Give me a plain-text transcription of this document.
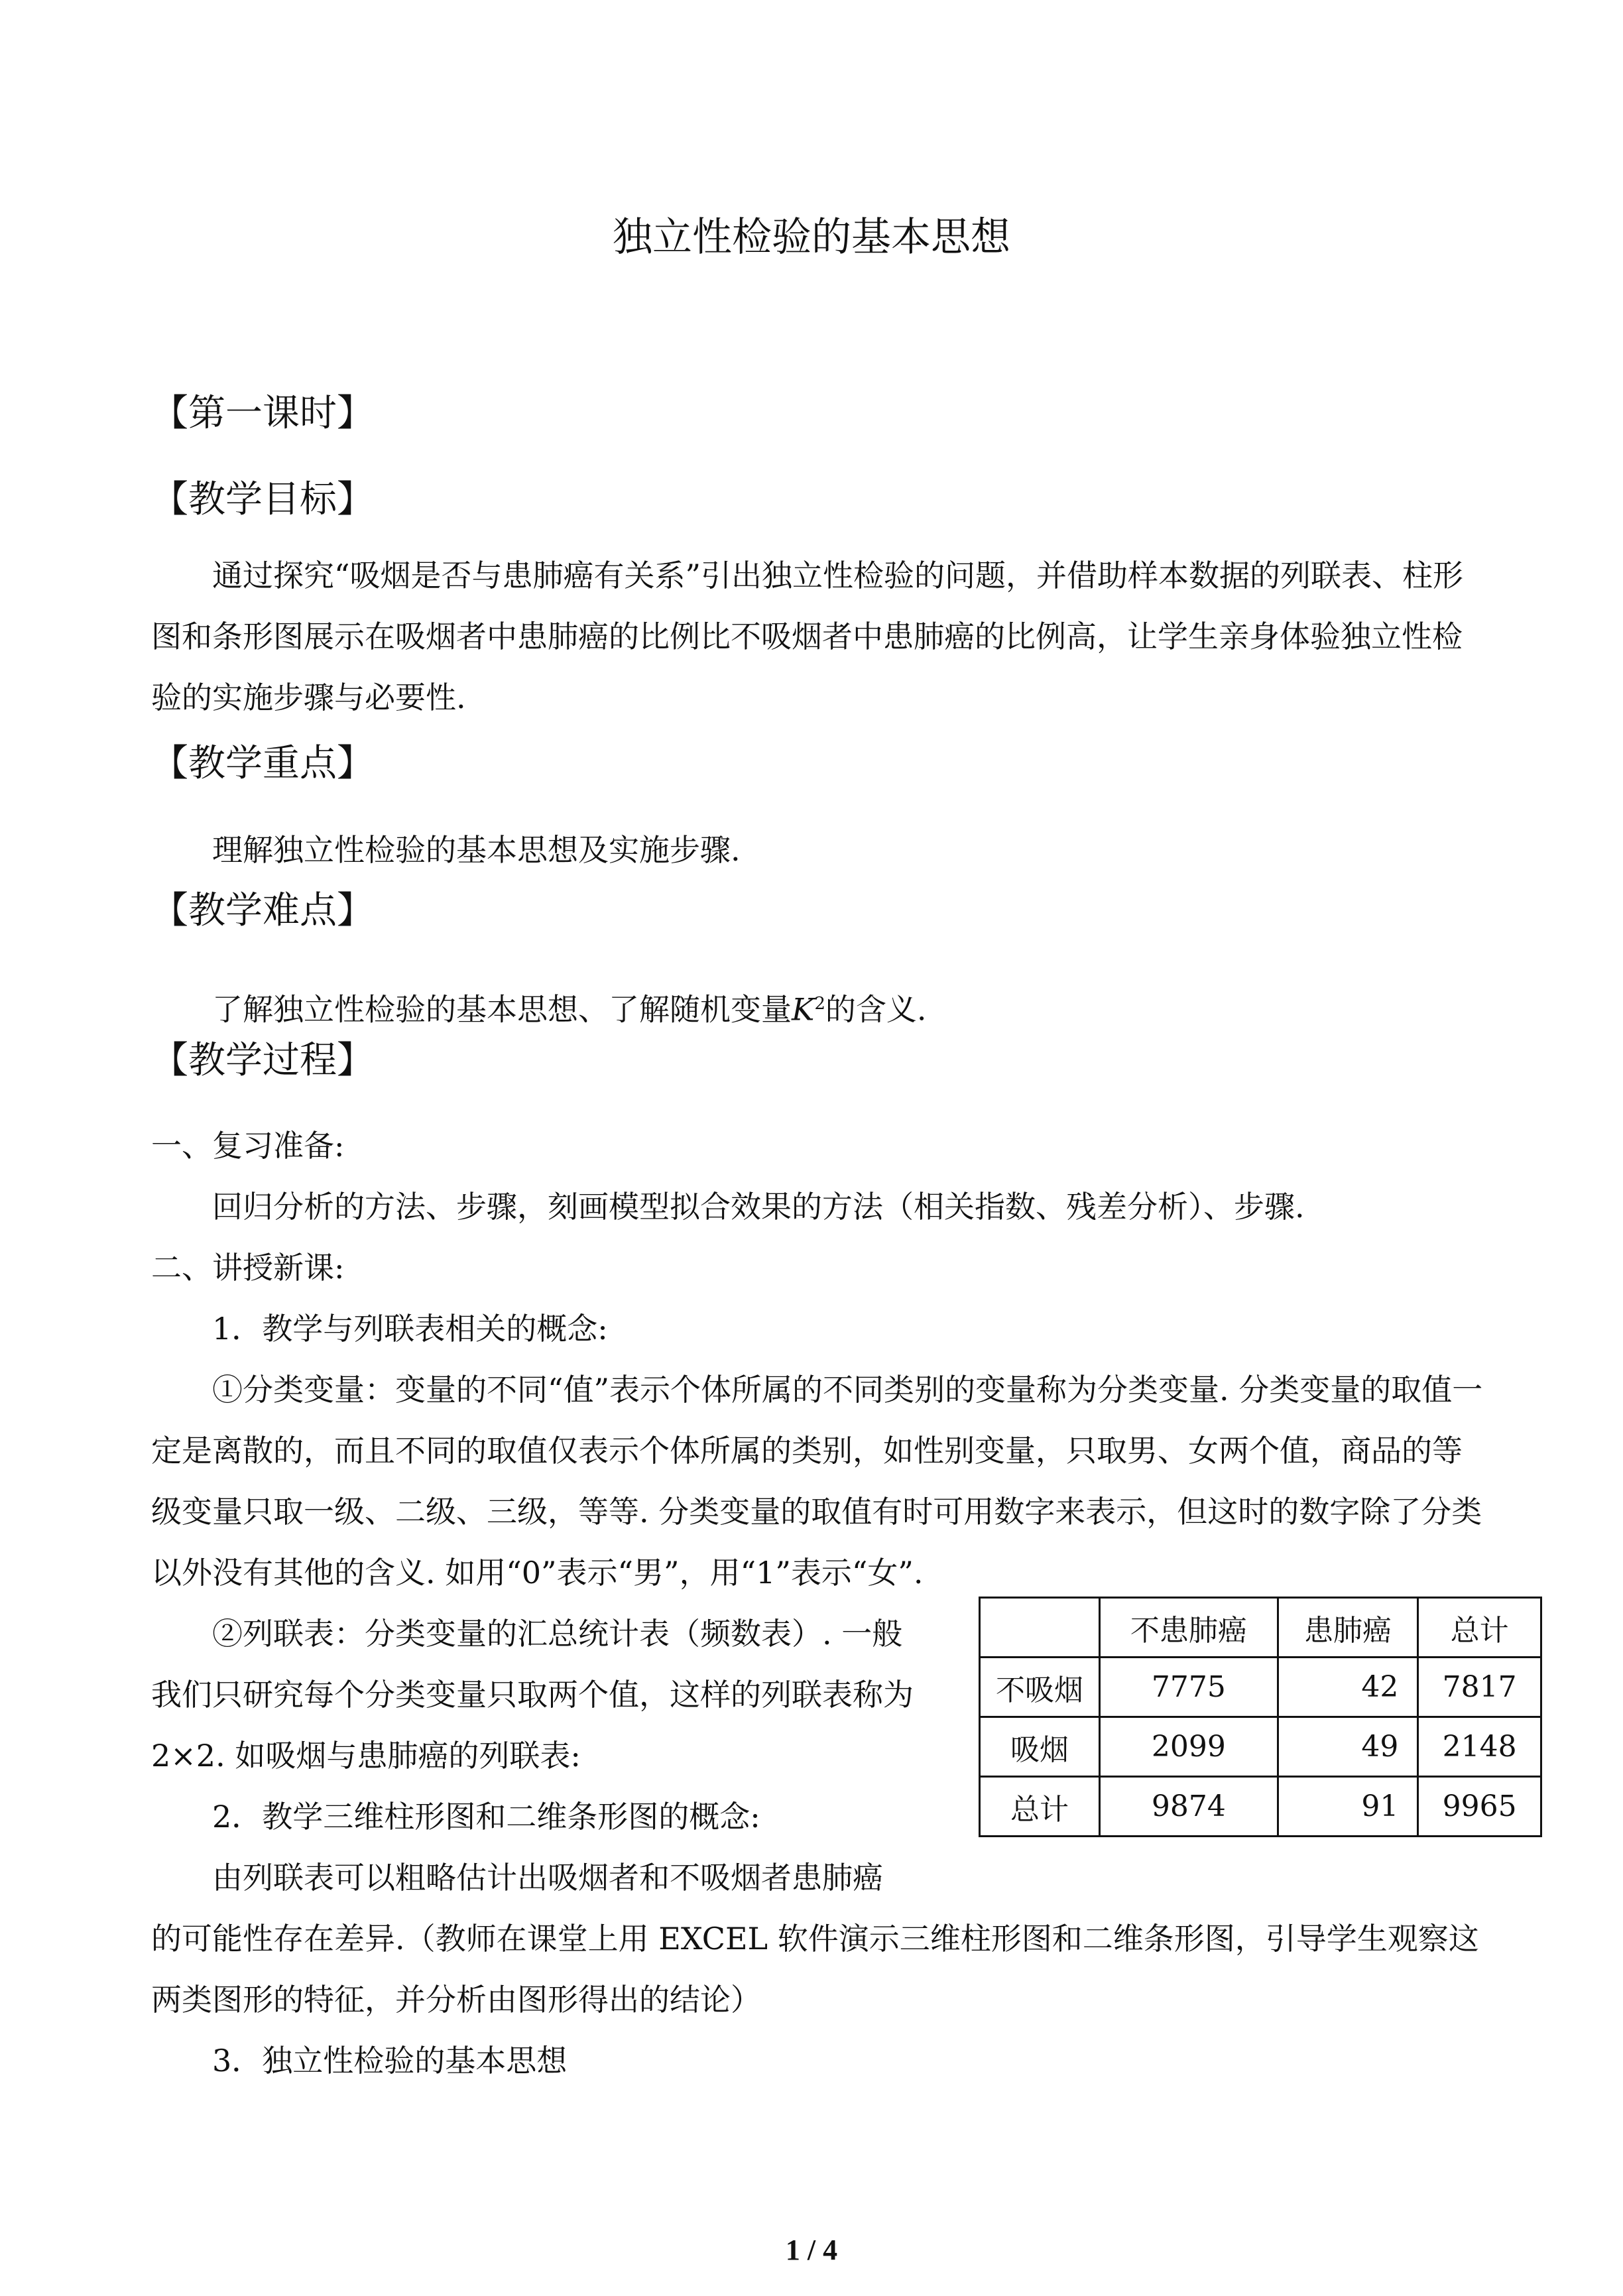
独立性检验的基本思想
【第一课时】
【教学目标】
通过探究“吸烟是否与患肺癌有关系”引出独立性检验的问题，并借助样本数据的列联表、柱形图和条形图展示在吸烟者中患肺癌的比例比不吸烟者中患肺癌的比例高，让学生亲身体验独立性检验的实施步骤与必要性.
【教学重点】
理解独立性检验的基本思想及实施步骤.
【教学难点】
了解独立性检验的基本思想、了解随机变量$K^2$的含义.
【教学过程】
一、复习准备:
回归分析的方法、步骤，刻画模型拟合效果的方法（相关指数、残差分析）、步骤.
二、讲授新课:
1．教学与列联表相关的概念:
①分类变量：变量的不同“值”表示个体所属的不同类别的变量称为分类变量. 分类变量的取值一定是离散的，而且不同的取值仅表示个体所属的类别，如性别变量，只取男、女两个值，商品的等级变量只取一级、二级、三级，等等. 分类变量的取值有时可用数字来表示，但这时的数字除了分类以外没有其他的含义. 如用“0”表示“男”，用“1”表示“女”.
②列联表：分类变量的汇总统计表（频数表）. 一般
我们只研究每个分类变量只取两个值，这样的列联表称为
2×2. 如吸烟与患肺癌的列联表:
2．教学三维柱形图和二维条形图的概念:
由列联表可以粗略估计出吸烟者和不吸烟者患肺癌
的可能性存在差异.（教师在课堂上用 EXCEL 软件演示三维柱形图和二维条形图，引导学生观察这两类图形的特征，并分析由图形得出的结论）
3．独立性检验的基本思想
	不患肺癌	患肺癌	总计
不吸烟	7775	42	7817
吸烟	2099	49	2148
总计	9874	91	9965
1 / 4
